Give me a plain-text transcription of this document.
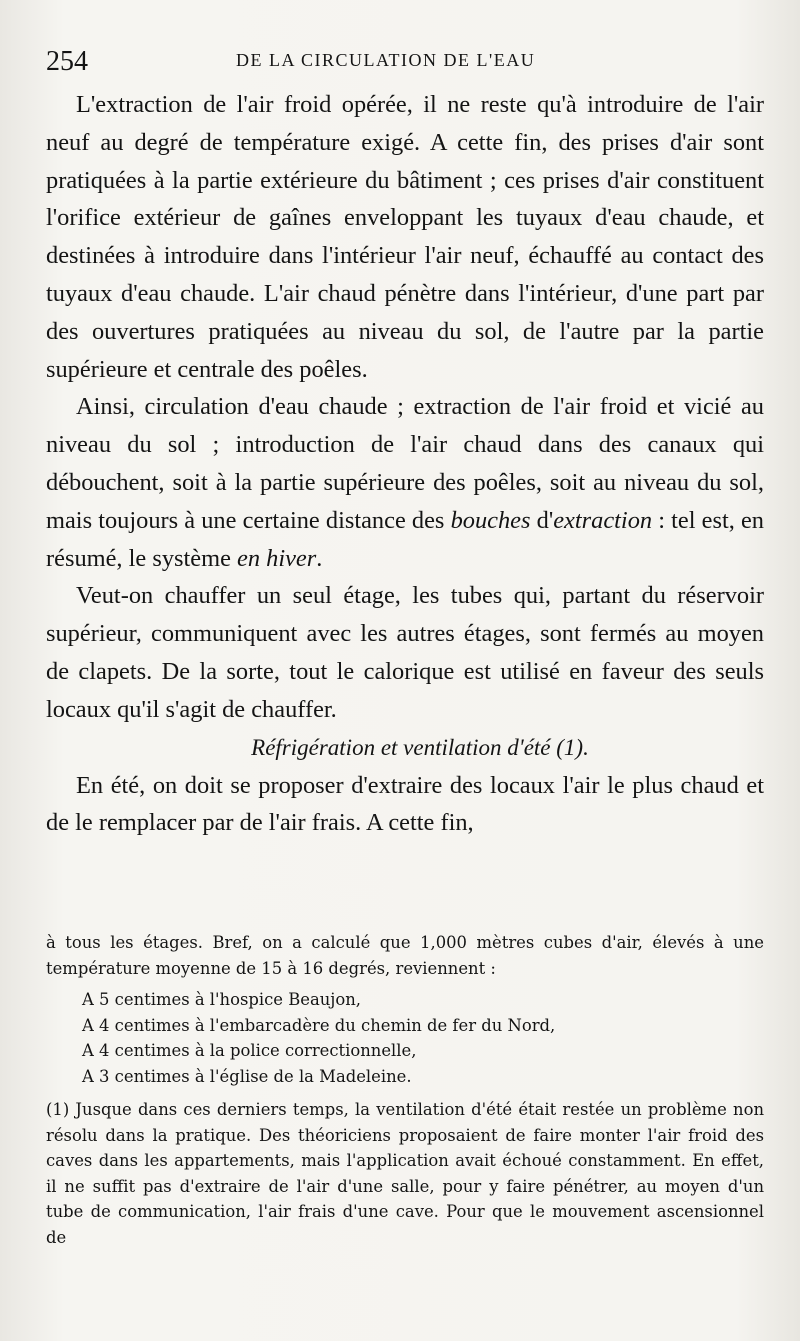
254	DE LA CIRCULATION DE L'EAU

L'extraction de l'air froid opérée, il ne reste qu'à introduire de l'air neuf au degré de température exigé. A cette fin, des prises d'air sont pratiquées à la partie extérieure du bâtiment ; ces prises d'air constituent l'orifice extérieur de gaînes enveloppant les tuyaux d'eau chaude, et destinées à introduire dans l'intérieur l'air neuf, échauffé au contact des tuyaux d'eau chaude. L'air chaud pénètre dans l'intérieur, d'une part par des ouvertures pratiquées au niveau du sol, de l'autre par la partie supérieure et centrale des poêles.

Ainsi, circulation d'eau chaude ; extraction de l'air froid et vicié au niveau du sol ; introduction de l'air chaud dans des canaux qui débouchent, soit à la partie supérieure des poêles, soit au niveau du sol, mais toujours à une certaine distance des bouches d'extraction : tel est, en résumé, le système en hiver.

Veut-on chauffer un seul étage, les tubes qui, partant du réservoir supérieur, communiquent avec les autres étages, sont fermés au moyen de clapets. De la sorte, tout le calorique est utilisé en faveur des seuls locaux qu'il s'agit de chauffer.

Réfrigération et ventilation d'été (1).

En été, on doit se proposer d'extraire des locaux l'air le plus chaud et de le remplacer par de l'air frais. A cette fin,

à tous les étages. Bref, on a calculé que 1,000 mètres cubes d'air, élevés à une température moyenne de 15 à 16 degrés, reviennent :

A 5 centimes à l'hospice Beaujon,
A 4 centimes à l'embarcadère du chemin de fer du Nord,
A 4 centimes à la police correctionnelle,
A 3 centimes à l'église de la Madeleine.

(1) Jusque dans ces derniers temps, la ventilation d'été était restée un problème non résolu dans la pratique. Des théoriciens proposaient de faire monter l'air froid des caves dans les appartements, mais l'application avait échoué constamment. En effet, il ne suffit pas d'extraire de l'air d'une salle, pour y faire pénétrer, au moyen d'un tube de communication, l'air frais d'une cave. Pour que le mouvement ascensionnel de
